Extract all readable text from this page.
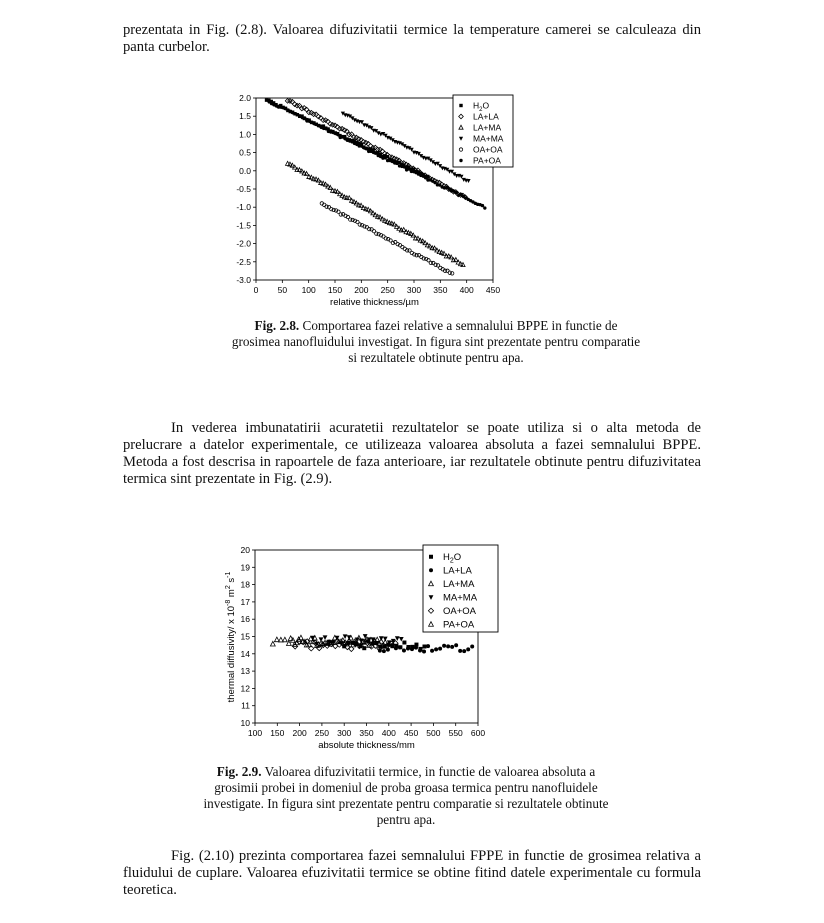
prezentata in Fig. (2.8). Valoarea difuzivitatii termice la temperature camerei se calculeaza din panta curbelor.

0 50 100 150 200 250 300 350 400 450
2.0
1.5
1.0
0.5
0.0
-0.5
-1.0
-1.5
-2.0
-2.5
-3.0
relative thickness/µm
$H_2O$
LA+LA
LA+MA
MA+MA
OA+OA
PA+OA
Fig. 2.8. Comportarea fazei relative a semnalului BPPE in functie de grosimea nanofluidului investigat. In figura sint prezentate pentru comparatie si rezultatele obtinute pentru apa.

In vederea imbunatatirii acuratetii rezultatelor se poate utiliza si o alta metoda de prelucrare a datelor experimentale, ce utilizeaza valoarea absoluta a fazei semnalului BPPE. Metoda a fost descrisa in rapoartele de faza anterioare, iar rezultatele obtinute pentru difuzivitatea termica sint prezentate in Fig. (2.9).

100 150 200 250 300 350 400 450 500 550 600
10
11
12
13
14
15
16
17
18
19
20
absolute thickness/mm
thermal diffusivity/ x $10^{-8}$ $m^2$ $s^{-1}$
$H_2O$
LA+LA
LA+MA
MA+MA
OA+OA
PA+OA
Fig. 2.9. Valoarea difuzivitatii termice, in functie de valoarea absoluta a grosimii probei in domeniul de proba groasa termica pentru nanofluidele investigate. In figura sint prezentate pentru comparatie si rezultatele obtinute pentru apa.

Fig. (2.10) prezinta comportarea fazei semnalului FPPE in functie de grosimea relativa a fluidului de cuplare. Valoarea efuzivitatii termice se obtine fitind datele experimentale cu formula teoretica.
